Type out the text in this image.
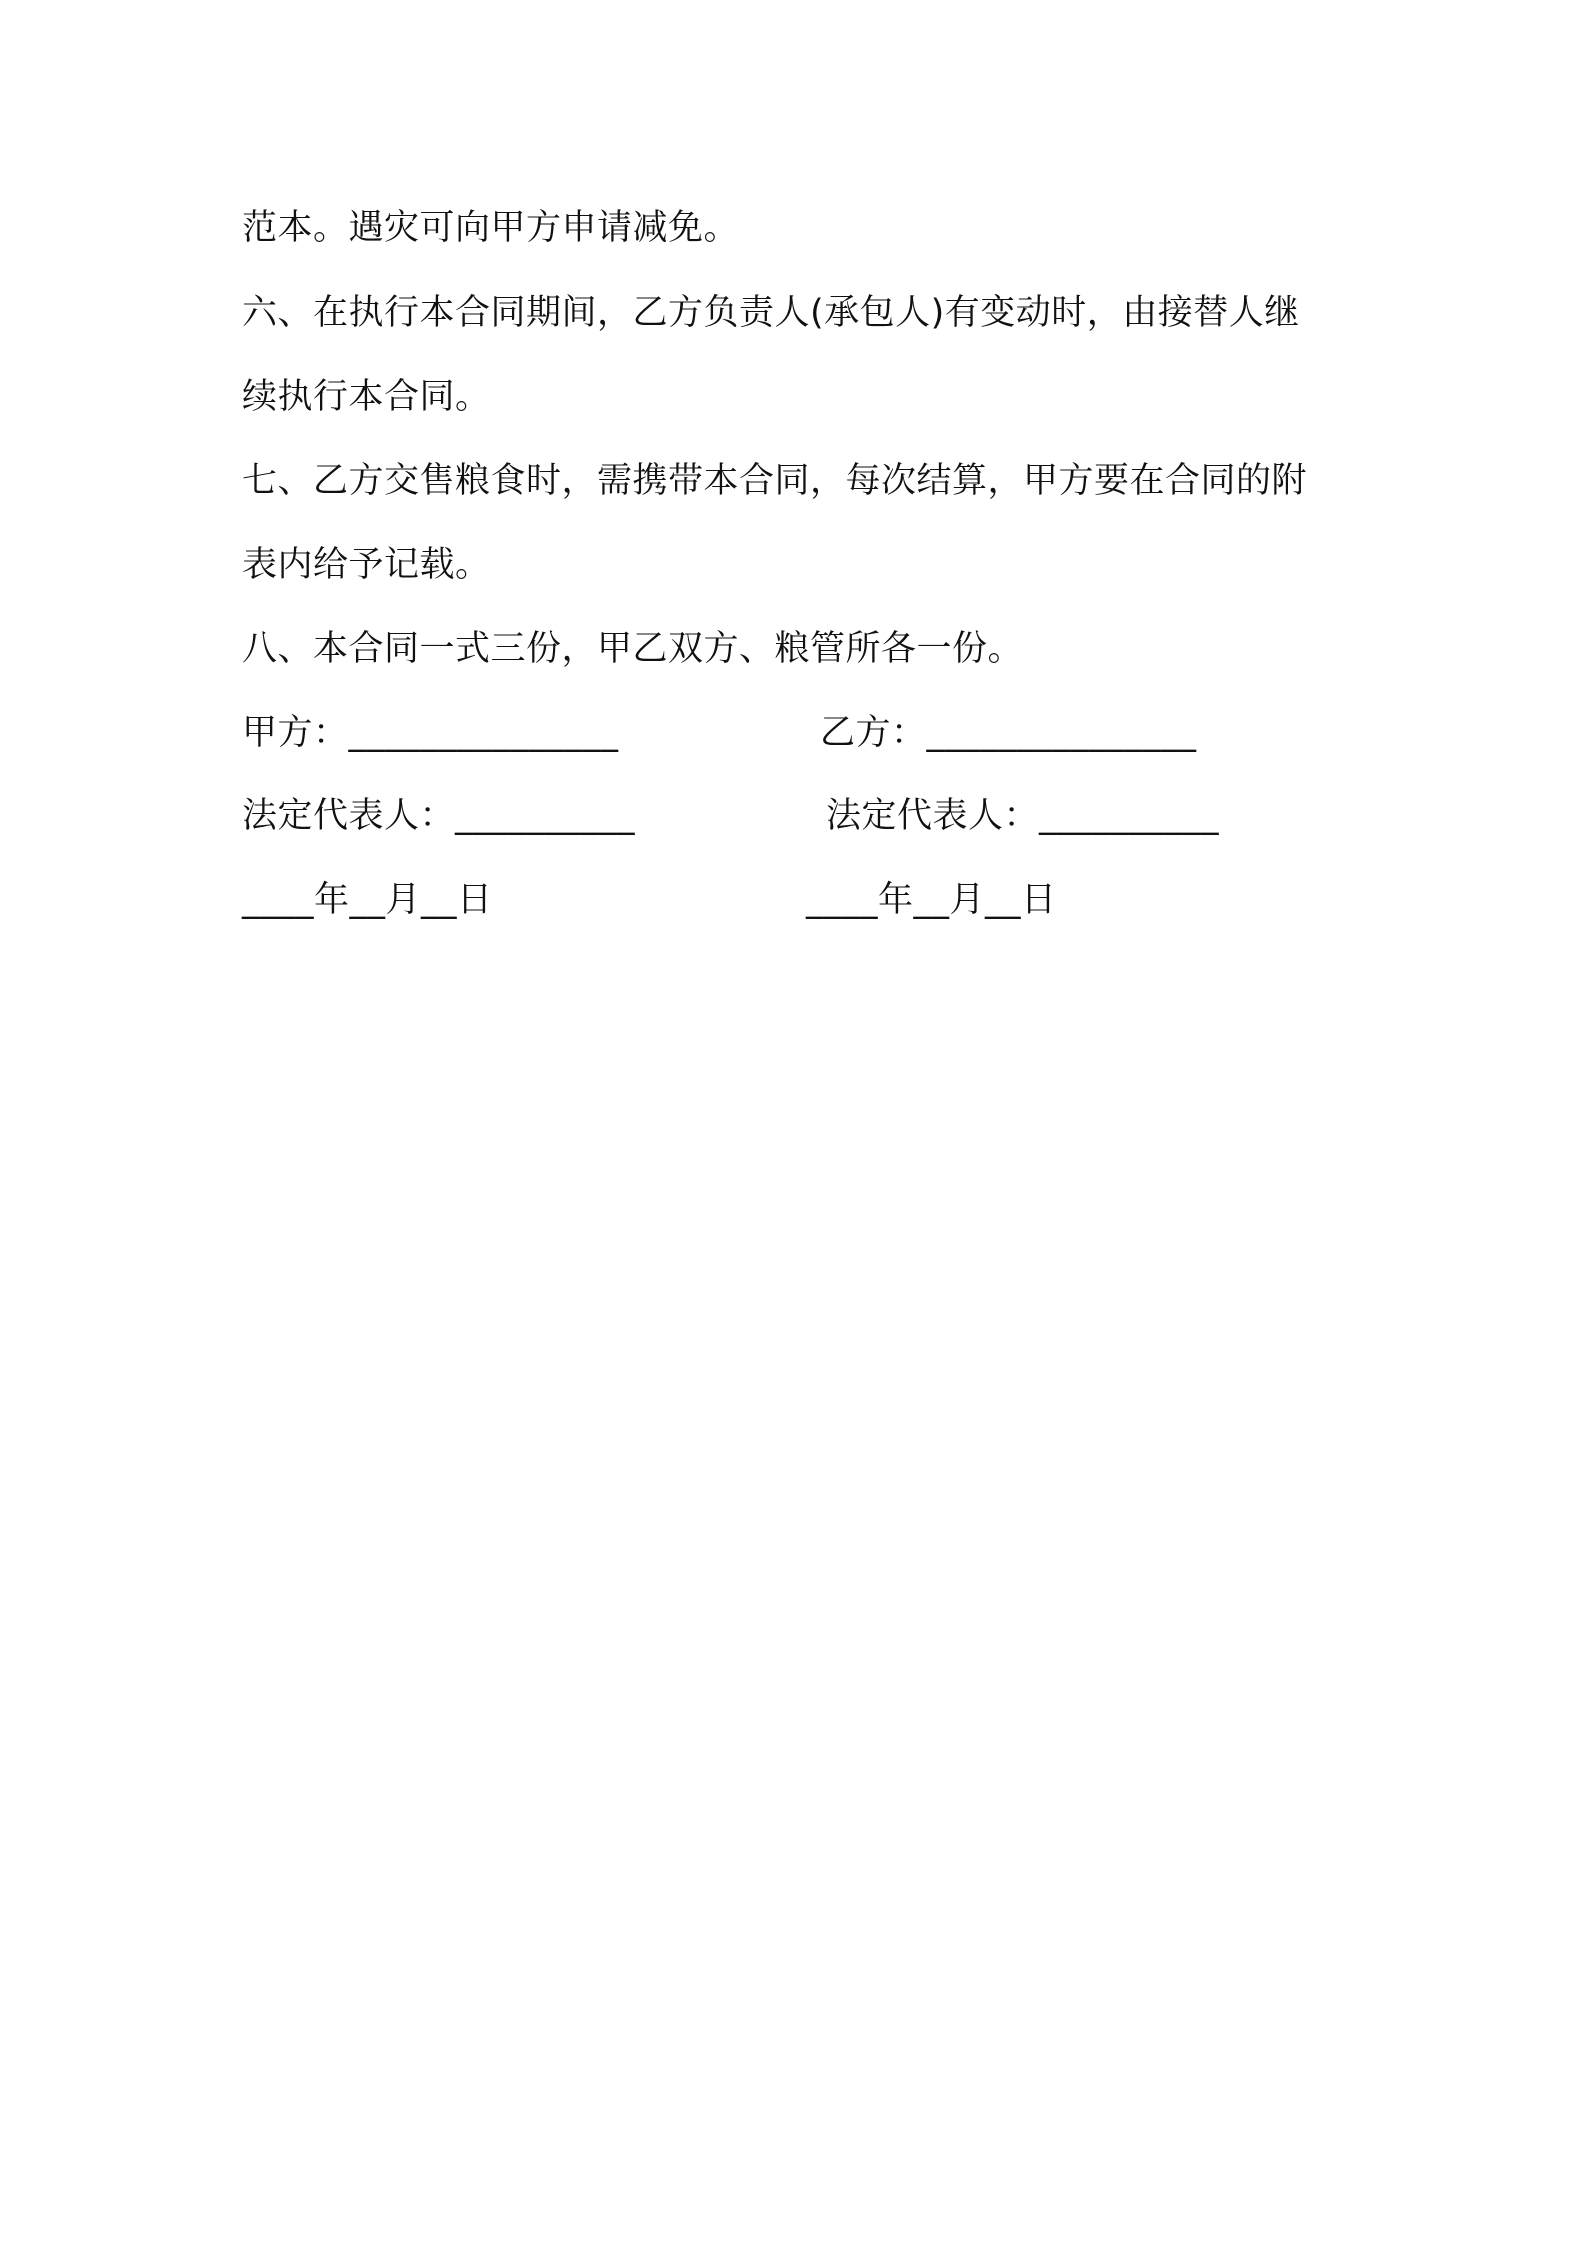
范本。遇灾可向甲方申请减免。
六、在执行本合同期间，乙方负责人(承包人)有变动时，由接替人继
续执行本合同。
七、乙方交售粮食时，需携带本合同，每次结算，甲方要在合同的附
表内给予记载。
八、本合同一式三份，甲乙双方、粮管所各一份。
甲方：_______________	乙方：_______________
法定代表人：__________	法定代表人：__________
____年__月__日	____年__月__日
